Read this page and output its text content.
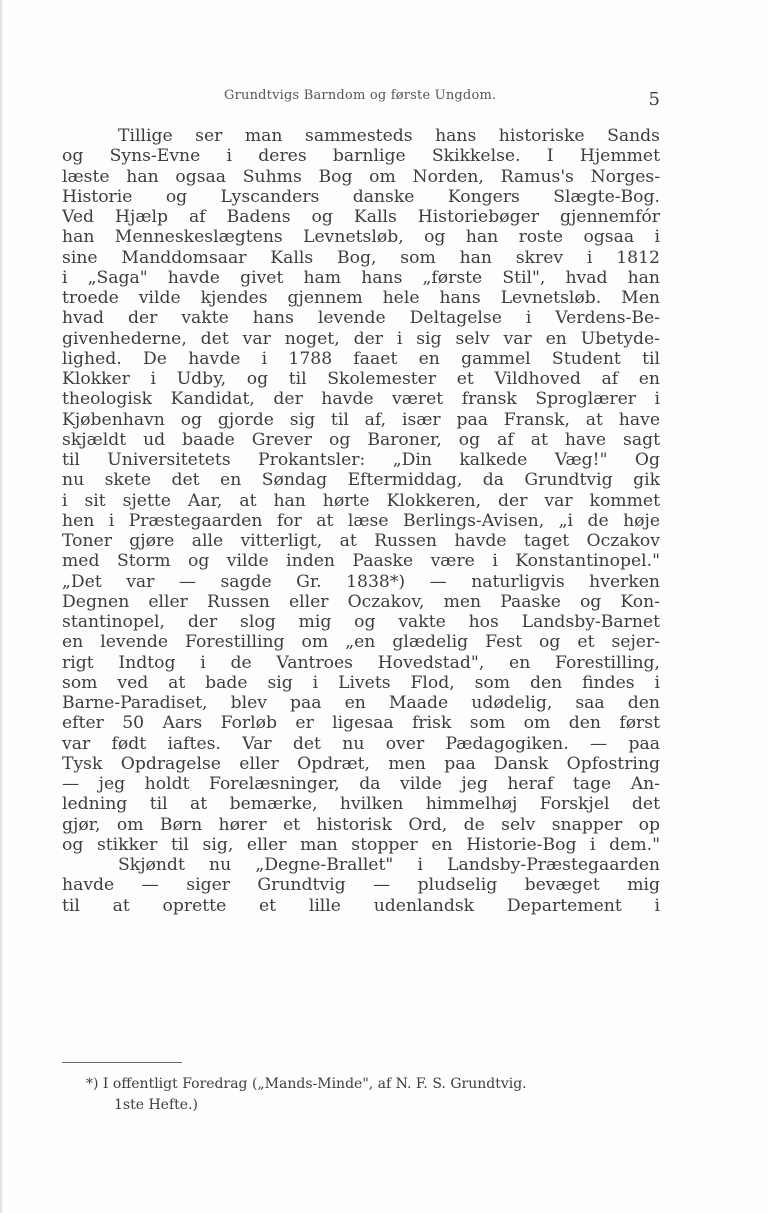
Grundtvigs Barndom og første Ungdom.	5
Tillige ser man sammesteds hans historiske Sands
og Syns-Evne i deres barnlige Skikkelse. I Hjemmet
læste han ogsaa Suhms Bog om Norden, Ramus's Norges-
Historie og Lyscanders danske Kongers Slægte-Bog.
Ved Hjælp af Badens og Kalls Historiebøger gjennemfór
han Menneskeslægtens Levnetsløb, og han roste ogsaa i
sine Manddomsaar Kalls Bog, som han skrev i 1812
i „Saga" havde givet ham hans „første Stil", hvad han
troede vilde kjendes gjennem hele hans Levnetsløb. Men
hvad der vakte hans levende Deltagelse i Verdens-Be-
givenhederne, det var noget, der i sig selv var en Ubetyde-
lighed. De havde i 1788 faaet en gammel Student til
Klokker i Udby, og til Skolemester et Vildhoved af en
theologisk Kandidat, der havde været fransk Sproglærer i
Kjøbenhavn og gjorde sig til af, især paa Fransk, at have
skjældt ud baade Grever og Baroner, og af at have sagt
til Universitetets Prokantsler: „Din kalkede Væg!" Og
nu skete det en Søndag Eftermiddag, da Grundtvig gik
i sit sjette Aar, at han hørte Klokkeren, der var kommet
hen i Præstegaarden for at læse Berlings-Avisen, „i de høje
Toner gjøre alle vitterligt, at Russen havde taget Oczakov
med Storm og vilde inden Paaske være i Konstantinopel."
„Det var — sagde Gr. 1838*) — naturligvis hverken
Degnen eller Russen eller Oczakov, men Paaske og Kon-
stantinopel, der slog mig og vakte hos Landsby-Barnet
en levende Forestilling om „en glædelig Fest og et sejer-
rigt Indtog i de Vantroes Hovedstad", en Forestilling,
som ved at bade sig i Livets Flod, som den findes i
Barne-Paradiset, blev paa en Maade udødelig, saa den
efter 50 Aars Forløb er ligesaa frisk som om den først
var født iaftes. Var det nu over Pædagogiken. — paa
Tysk Opdragelse eller Opdræt, men paa Dansk Opfostring
— jeg holdt Forelæsninger, da vilde jeg heraf tage An-
ledning til at bemærke, hvilken himmelhøj Forskjel det
gjør, om Børn hører et historisk Ord, de selv snapper op
og stikker til sig, eller man stopper en Historie-Bog i dem."
Skjøndt nu „Degne-Brallet" i Landsby-Præstegaarden
havde — siger Grundtvig — pludselig bevæget mig
til at oprette et lille udenlandsk Departement i
*) I offentligt Foredrag („Mands-Minde", af N. F. S. Grundtvig.
1ste Hefte.)
